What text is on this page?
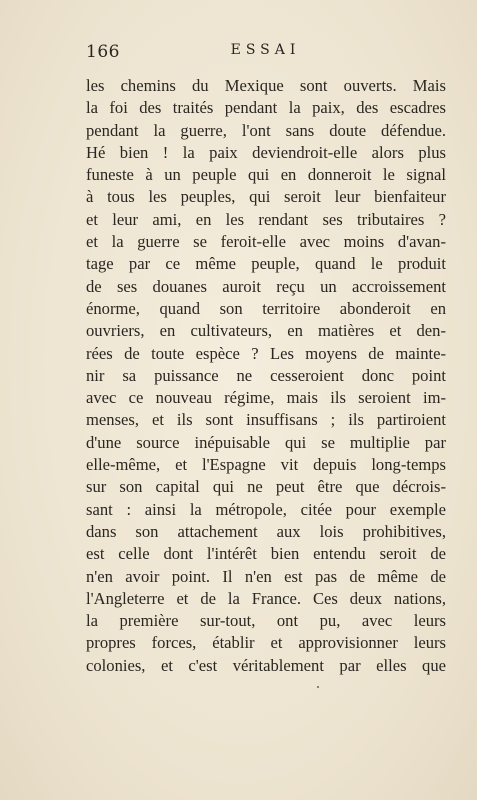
166	ESSAI
les chemins du Mexique sont ouverts. Mais
la foi des traités pendant la paix, des escadres
pendant la guerre, l'ont sans doute défendue.
Hé bien ! la paix deviendroit-elle alors plus
funeste à un peuple qui en donneroit le signal
à tous les peuples, qui seroit leur bienfaiteur
et leur ami, en les rendant ses tributaires ?
et la guerre se feroit-elle avec moins d'avan-
tage par ce même peuple, quand le produit
de ses douanes auroit reçu un accroissement
énorme, quand son territoire abonderoit en
ouvriers, en cultivateurs, en matières et den-
rées de toute espèce ? Les moyens de mainte-
nir sa puissance ne cesseroient donc point
avec ce nouveau régime, mais ils seroient im-
menses, et ils sont insuffisans ; ils partiroient
d'une source inépuisable qui se multiplie par
elle-même, et l'Espagne vit depuis long-temps
sur son capital qui ne peut être que décrois-
sant : ainsi la métropole, citée pour exemple
dans son attachement aux lois prohibitives,
est celle dont l'intérêt bien entendu seroit de
n'en avoir point. Il n'en est pas de même de
l'Angleterre et de la France. Ces deux nations,
la première sur-tout, ont pu, avec leurs
propres forces, établir et approvisionner leurs
colonies, et c'est véritablement par elles que
